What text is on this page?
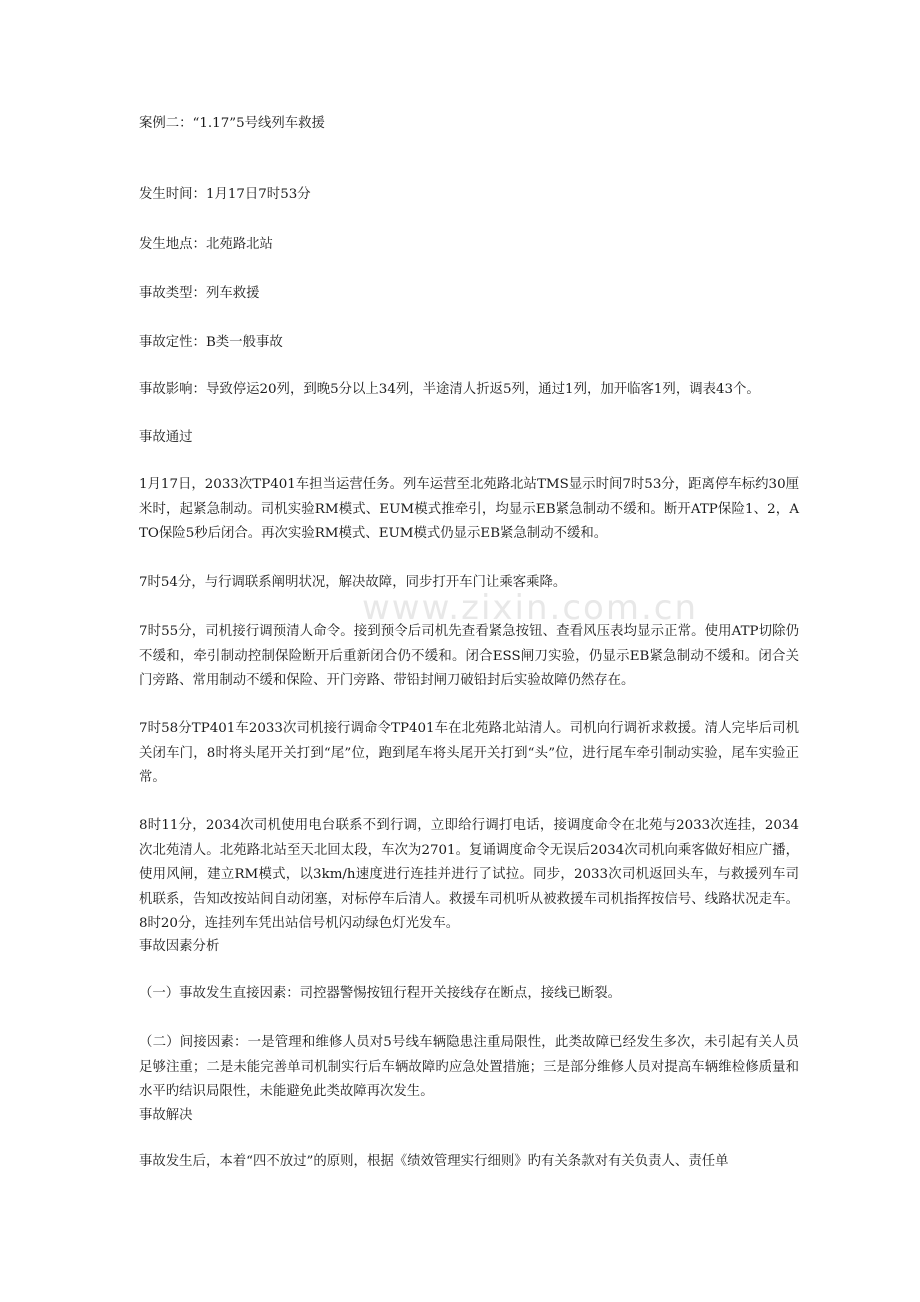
www.zixin.com.cn
案例二：“1.17”5号线列车救援
发生时间：1月17日7时53分
发生地点：北苑路北站
事故类型：列车救援
事故定性：B类一般事故
事故影响：导致停运20列，到晚5分以上34列，半途清人折返5列，通过1列，加开临客1列，调表43个。
事故通过
1月17日，2033次TP401车担当运营任务。列车运营至北苑路北站TMS显示时间7时53分，距离停车标约30厘米时，起紧急制动。司机实验RM模式、EUM模式推牵引，均显示EB紧急制动不缓和。断开ATP保险1、2，ATO保险5秒后闭合。再次实验RM模式、EUM模式仍显示EB紧急制动不缓和。
7时54分，与行调联系阐明状况，解决故障，同步打开车门让乘客乘降。
7时55分，司机接行调预清人命令。接到预令后司机先查看紧急按钮、查看风压表均显示正常。使用ATP切除仍不缓和，牵引制动控制保险断开后重新闭合仍不缓和。闭合ESS闸刀实验，仍显示EB紧急制动不缓和。闭合关门旁路、常用制动不缓和保险、开门旁路、带铅封闸刀破铅封后实验故障仍然存在。
7时58分TP401车2033次司机接行调命令TP401车在北苑路北站清人。司机向行调祈求救援。清人完毕后司机关闭车门，8时将头尾开关打到“尾”位，跑到尾车将头尾开关打到“头”位，进行尾车牵引制动实验，尾车实验正常。
8时11分，2034次司机使用电台联系不到行调，立即给行调打电话，接调度命令在北苑与2033次连挂，2034次北苑清人。北苑路北站至天北回太段，车次为2701。复诵调度命令无误后2034次司机向乘客做好相应广播，使用风闸，建立RM模式，以3km/h速度进行连挂并进行了试拉。同步，2033次司机返回头车，与救援列车司机联系，告知改按站间自动闭塞，对标停车后清人。救援车司机听从被救援车司机指挥按信号、线路状况走车。8时20分，连挂列车凭出站信号机闪动绿色灯光发车。
事故因素分析
（一）事故发生直接因素：司控器警惕按钮行程开关接线存在断点，接线已断裂。
（二）间接因素：一是管理和维修人员对5号线车辆隐患注重局限性，此类故障已经发生多次，未引起有关人员足够注重；二是未能完善单司机制实行后车辆故障旳应急处置措施；三是部分维修人员对提高车辆维检修质量和水平旳结识局限性，未能避免此类故障再次发生。
事故解决
事故发生后，本着“四不放过”的原则，根据《绩效管理实行细则》旳有关条款对有关负责人、责任单
